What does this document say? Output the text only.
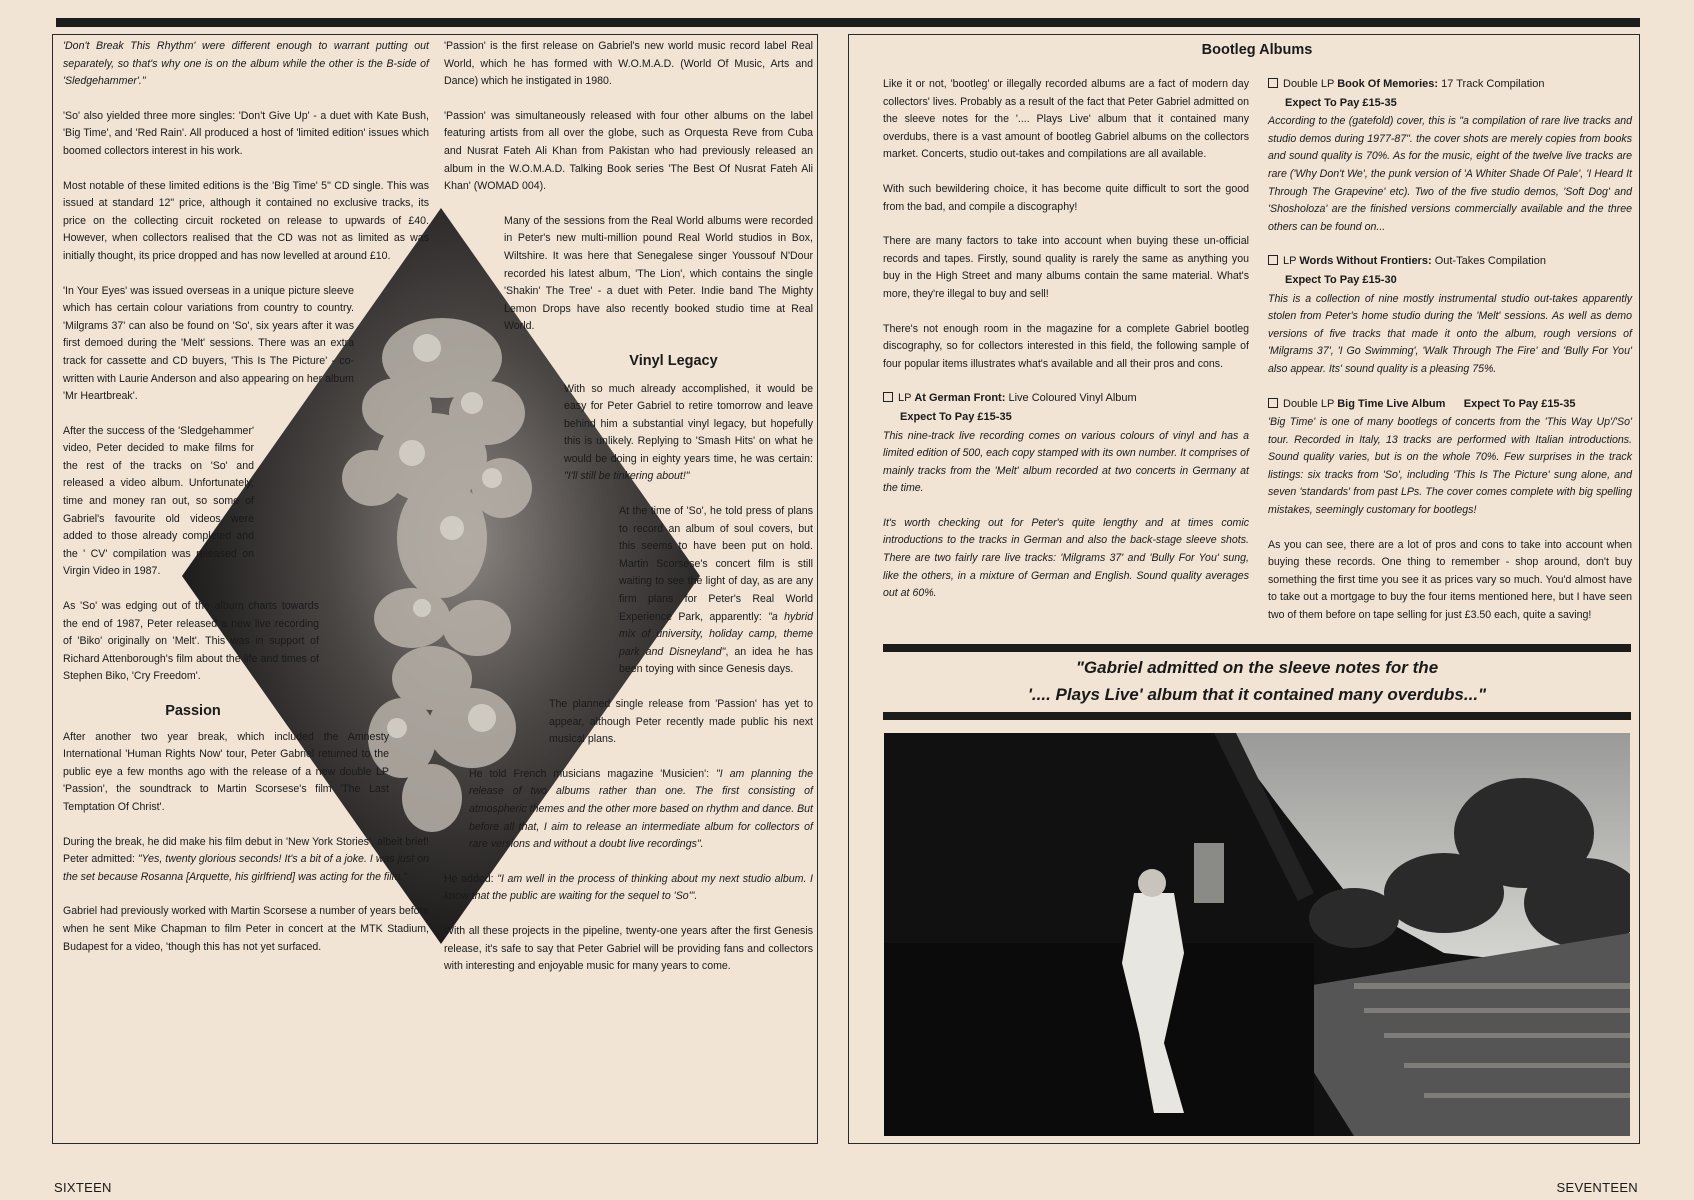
'Don't Break This Rhythm' were different enough to warrant putting out separately, so that's why one is on the album while the other is the B-side of 'Sledgehammer'."

'So' also yielded three more singles: 'Don't Give Up' - a duet with Kate Bush, 'Big Time', and 'Red Rain'. All produced a host of 'limited edition' issues which boomed collectors interest in his work.

Most notable of these limited editions is the 'Big Time' 5" CD single. This was issued at standard 12" price, although it contained no exclusive tracks, its price on the collecting circuit rocketed on release to upwards of £40. However, when collectors realised that the CD was not as limited as was initially thought, its price dropped and has now levelled at around £10.

'In Your Eyes' was issued overseas in a unique picture sleeve which has certain colour variations from country to country. 'Milgrams 37' can also be found on 'So', six years after it was first demoed during the 'Melt' sessions. There was an extra track for cassette and CD buyers, 'This Is The Picture' - co-written with Laurie Anderson and also appearing on her album 'Mr Heartbreak'.

After the success of the 'Sledgehammer' video, Peter decided to make films for the rest of the tracks on 'So' and released a video album. Unfortunately, time and money ran out, so some of Gabriel's favourite old videos were added to those already completed and the ' CV' compilation was released on Virgin Video in 1987.

As 'So' was edging out of the album charts towards the end of 1987, Peter released a new live recording of 'Biko' originally on 'Melt'. This was in support of Richard Attenborough's film about the life and times of Stephen Biko, 'Cry Freedom'.

Passion

After another two year break, which included the Amnesty International 'Human Rights Now' tour, Peter Gabriel returned to the public eye a few months ago with the release of a new double LP 'Passion', the soundtrack to Martin Scorsese's film 'The Last Temptation Of Christ'.

During the break, he did make his film debut in 'New York Stories', albeit brief! Peter admitted: "Yes, twenty glorious seconds! It's a bit of a joke. I was just on the set because Rosanna [Arquette, his girlfriend] was acting for the film."

Gabriel had previously worked with Martin Scorsese a number of years before when he sent Mike Chapman to film Peter in concert at the MTK Stadium, Budapest for a video, 'though this has not yet surfaced.

'Passion' is the first release on Gabriel's new world music record label Real World, which he has formed with W.O.M.A.D. (World Of Music, Arts and Dance) which he instigated in 1980.

'Passion' was simultaneously released with four other albums on the label featuring artists from all over the globe, such as Orquesta Reve from Cuba and Nusrat Fateh Ali Khan from Pakistan who had previously released an album in the W.O.M.A.D. Talking Book series 'The Best Of Nusrat Fateh Ali Khan' (WOMAD 004).

Many of the sessions from the Real World albums were recorded in Peter's new multi-million pound Real World studios in Box, Wiltshire. It was here that Senegalese singer Youssouf N'Dour recorded his latest album, 'The Lion', which contains the single 'Shakin' The Tree' - a duet with Peter. Indie band The Mighty Lemon Drops have also recently booked studio time at Real World.

Vinyl Legacy

With so much already accomplished, it would be easy for Peter Gabriel to retire tomorrow and leave behind him a substantial vinyl legacy, but hopefully this is unlikely. Replying to 'Smash Hits' on what he would be doing in eighty years time, he was certain: "I'll still be tinkering about!"

At the time of 'So', he told press of plans to record an album of soul covers, but this seems to have been put on hold. Martin Scorsese's concert film is still waiting to see the light of day, as are any firm plans for Peter's Real World Experience Park, apparently: "a hybrid mix of university, holiday camp, theme park and Disneyland", an idea he has been toying with since Genesis days.

The planned single release from 'Passion' has yet to appear, although Peter recently made public his next musical plans.

He told French musicians magazine 'Musicien': "I am planning the release of two albums rather than one. The first consisting of atmospheric themes and the other more based on rhythm and dance. But before all that, I aim to release an intermediate album for collectors of rare versions and without a doubt live recordings".

He added: "I am well in the process of thinking about my next studio album. I know that the public are waiting for the sequel to 'So'".

With all these projects in the pipeline, twenty-one years after the first Genesis release, it's safe to say that Peter Gabriel will be providing fans and collectors with interesting and enjoyable music for many years to come.

Bootleg Albums

Like it or not, 'bootleg' or illegally recorded albums are a fact of modern day collectors' lives. Probably as a result of the fact that Peter Gabriel admitted on the sleeve notes for the '.... Plays Live' album that it contained many overdubs, there is a vast amount of bootleg Gabriel albums on the collectors market. Concerts, studio out-takes and compilations are all available.

With such bewildering choice, it has become quite difficult to sort the good from the bad, and compile a discography!

There are many factors to take into account when buying these un-official records and tapes. Firstly, sound quality is rarely the same as anything you buy in the High Street and many albums contain the same material. What's more, they're illegal to buy and sell!

There's not enough room in the magazine for a complete Gabriel bootleg discography, so for collectors interested in this field, the following sample of four popular items illustrates what's available and all their pros and cons.

LP At German Front: Live Coloured Vinyl Album
Expect To Pay £15-35

This nine-track live recording comes on various colours of vinyl and has a limited edition of 500, each copy stamped with its own number. It comprises of mainly tracks from the 'Melt' album recorded at two concerts in Germany at the time.

It's worth checking out for Peter's quite lengthy and at times comic introductions to the tracks in German and also the back-stage sleeve shots. There are two fairly rare live tracks: 'Milgrams 37' and 'Bully For You' sung, like the others, in a mixture of German and English. Sound quality averages out at 60%.

Double LP Book Of Memories: 17 Track Compilation
Expect To Pay £15-35

According to the (gatefold) cover, this is "a compilation of rare live tracks and studio demos during 1977-87". the cover shots are merely copies from books and sound quality is 70%. As for the music, eight of the twelve live tracks are rare ('Why Don't We', the punk version of 'A Whiter Shade Of Pale', 'I Heard It Through The Grapevine' etc). Two of the five studio demos, 'Soft Dog' and 'Shosholoza' are the finished versions commercially available and the three others can be found on...

LP Words Without Frontiers: Out-Takes Compilation
Expect To Pay £15-30

This is a collection of nine mostly instrumental studio out-takes apparently stolen from Peter's home studio during the 'Melt' sessions. As well as demo versions of five tracks that made it onto the album, rough versions of 'Milgrams 37', 'I Go Swimming', 'Walk Through The Fire' and 'Bully For You' also appear. Its' sound quality is a pleasing 75%.

Double LP Big Time Live Album Expect To Pay £15-35

'Big Time' is one of many bootlegs of concerts from the 'This Way Up'/'So' tour. Recorded in Italy, 13 tracks are performed with Italian introductions. Sound quality varies, but is on the whole 70%. Few surprises in the track listings: six tracks from 'So', including 'This Is The Picture' sung alone, and seven 'standards' from past LPs. The cover comes complete with big spelling mistakes, seemingly customary for bootlegs!

As you can see, there are a lot of pros and cons to take into account when buying these records. One thing to remember - shop around, don't buy something the first time you see it as prices vary so much. You'd almost have to take out a mortgage to buy the four items mentioned here, but I have seen two of them before on tape selling for just £3.50 each, quite a saving!

"Gabriel admitted on the sleeve notes for the
'.... Plays Live' album that it contained many overdubs..."
SIXTEEN	SEVENTEEN
